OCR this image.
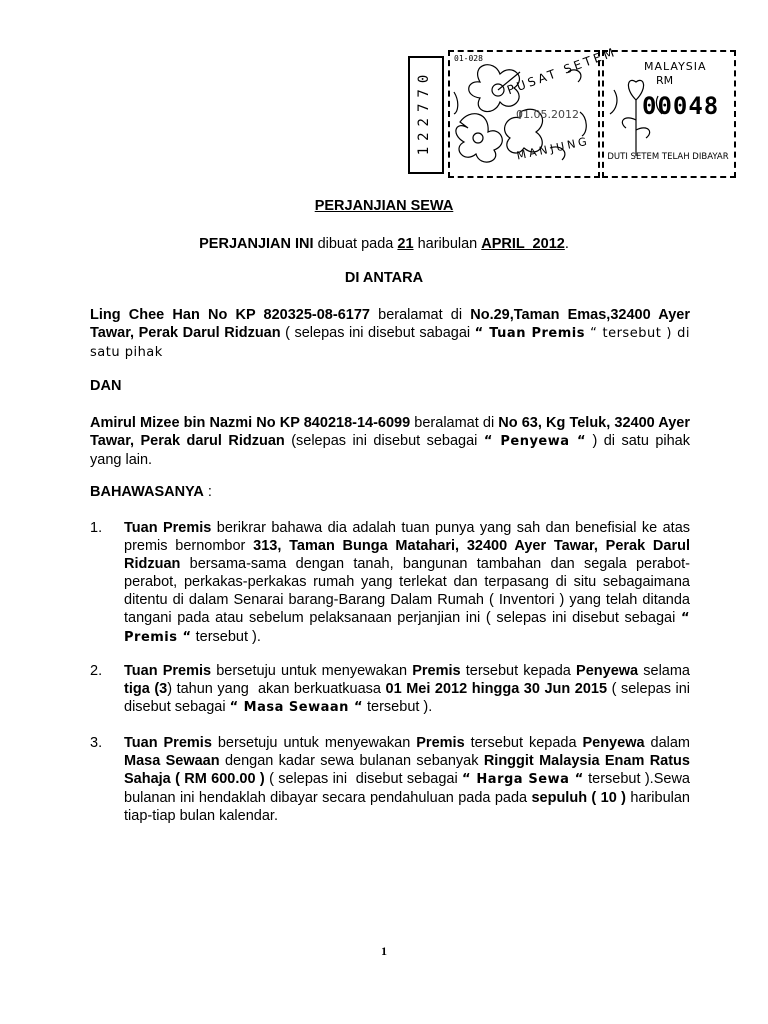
122770
01-028 PUSAT SETEM
01.05.2012
MANJUNG
MALAYSIA
RM
00048
DUTI SETEM TELAH DIBAYAR
PERJANJIAN SEWA
PERJANJIAN INI dibuat pada 21 haribulan APRIL  2012.
DI ANTARA
Ling Chee Han No KP 820325-08-6177 beralamat di No.29,Taman Emas,32400 Ayer Tawar, Perak Darul Ridzuan ( selepas ini disebut sabagai “ Tuan Premis “ tersebut ) di satu pihak
DAN
Amirul Mizee bin Nazmi No KP 840218-14-6099 beralamat di No 63, Kg Teluk, 32400 Ayer Tawar, Perak darul Ridzuan (selepas ini disebut sebagai “ Penyewa “ ) di satu pihak yang lain.
BAHAWASANYA :
1. Tuan Premis berikrar bahawa dia adalah tuan punya yang sah dan benefisial ke atas premis bernombor 313, Taman Bunga Matahari, 32400 Ayer Tawar, Perak Darul Ridzuan bersama-sama dengan tanah, bangunan tambahan dan segala perabot-perabot, perkakas-perkakas rumah yang terlekat dan terpasang di situ sebagaimana ditentu di dalam Senarai barang-Barang Dalam Rumah ( Inventori ) yang telah ditanda tangani pada atau sebelum pelaksanaan perjanjian ini ( selepas ini disebut sebagai “ Premis “ tersebut ).
2. Tuan Premis bersetuju untuk menyewakan Premis tersebut kepada Penyewa selama tiga (3) tahun yang  akan berkuatkuasa 01 Mei 2012 hingga 30 Jun 2015 ( selepas ini disebut sebagai “ Masa Sewaan “ tersebut ).
3. Tuan Premis bersetuju untuk menyewakan Premis tersebut kepada Penyewa dalam Masa Sewaan dengan kadar sewa bulanan sebanyak Ringgit Malaysia Enam Ratus Sahaja ( RM 600.00 ) ( selepas ini  disebut sebagai “ Harga Sewa “ tersebut ).Sewa bulanan ini hendaklah dibayar secara pendahuluan pada pada sepuluh ( 10 ) haribulan tiap-tiap bulan kalendar.
1
